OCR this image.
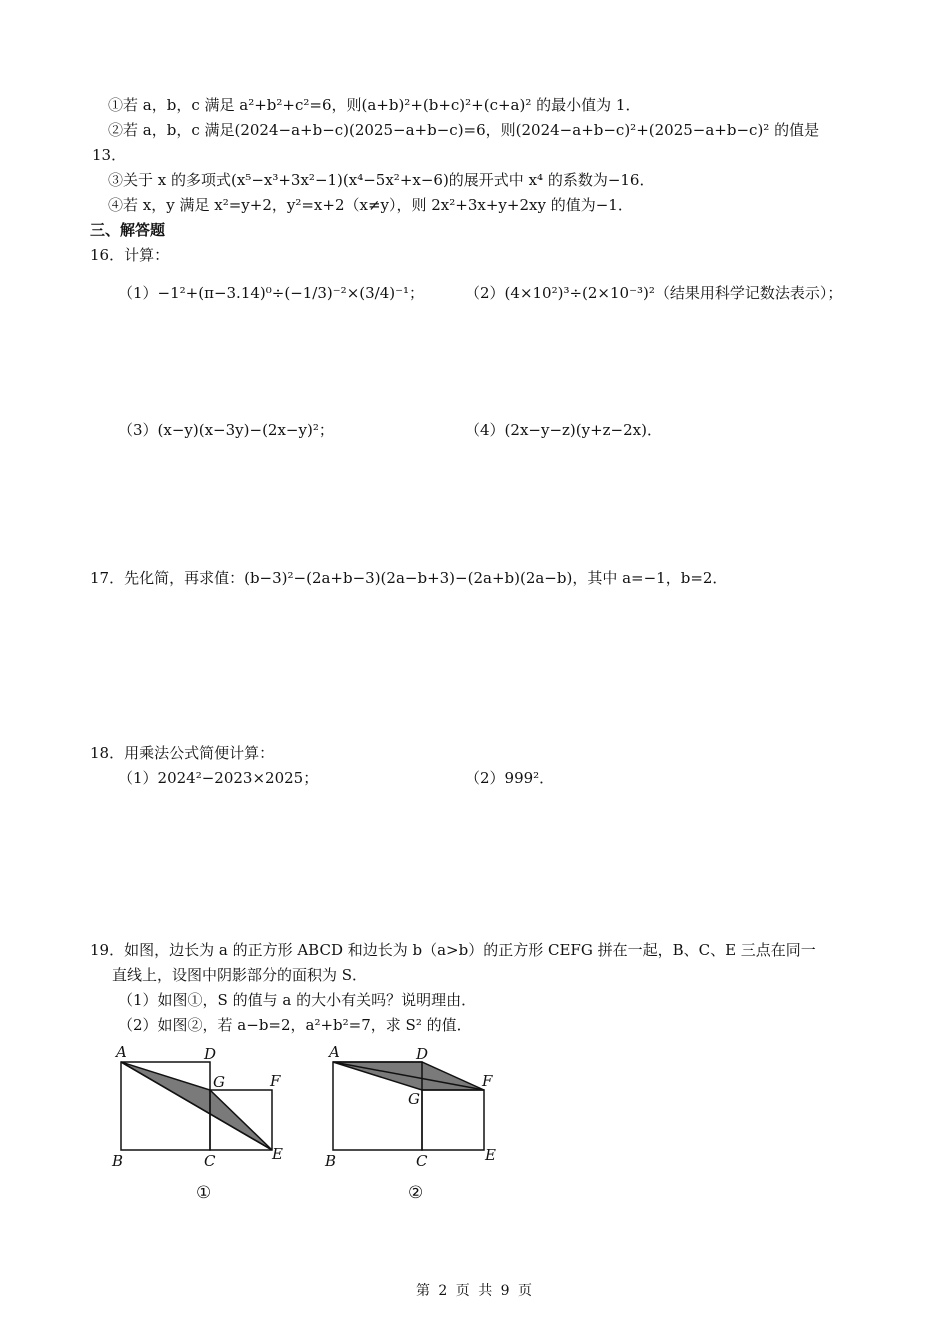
①若 a，b，c 满足 a²+b²+c²=6，则(a+b)²+(b+c)²+(c+a)² 的最小值为 1．
②若 a，b，c 满足(2024−a+b−c)(2025−a+b−c)=6，则(2024−a+b−c)²+(2025−a+b−c)² 的值是
13．
③关于 x 的多项式(x⁵−x³+3x²−1)(x⁴−5x²+x−6)的展开式中 x⁴ 的系数为−16．
④若 x，y 满足 x²=y+2，y²=x+2（x≠y），则 2x²+3x+y+2xy 的值为−1．
三、解答题
16．计算：
（1）−1²+(π−3.14)⁰÷(−1/3)⁻²×(3/4)⁻¹；	（2）(4×10²)³÷(2×10⁻³)²（结果用科学记数法表示）；
（3）(x−y)(x−3y)−(2x−y)²；	（4）(2x−y−z)(y+z−2x)．
17．先化简，再求值：(b−3)²−(2a+b−3)(2a−b+3)−(2a+b)(2a−b)，其中 a=−1，b=2．
18．用乘法公式简便计算：
（1）2024²−2023×2025；	（2）999²．
19．如图，边长为 a 的正方形 ABCD 和边长为 b（a>b）的正方形 CEFG 拼在一起，B、C、E 三点在同一
直线上，设图中阴影部分的面积为 S．
（1）如图①，S 的值与 a 的大小有关吗？说明理由．
（2）如图②，若 a−b=2，a²+b²=7，求 S² 的值．
A	D
G	F
B	C	E
①
A	D
G
F
B	C	E
②
第 2 页 共 9 页
